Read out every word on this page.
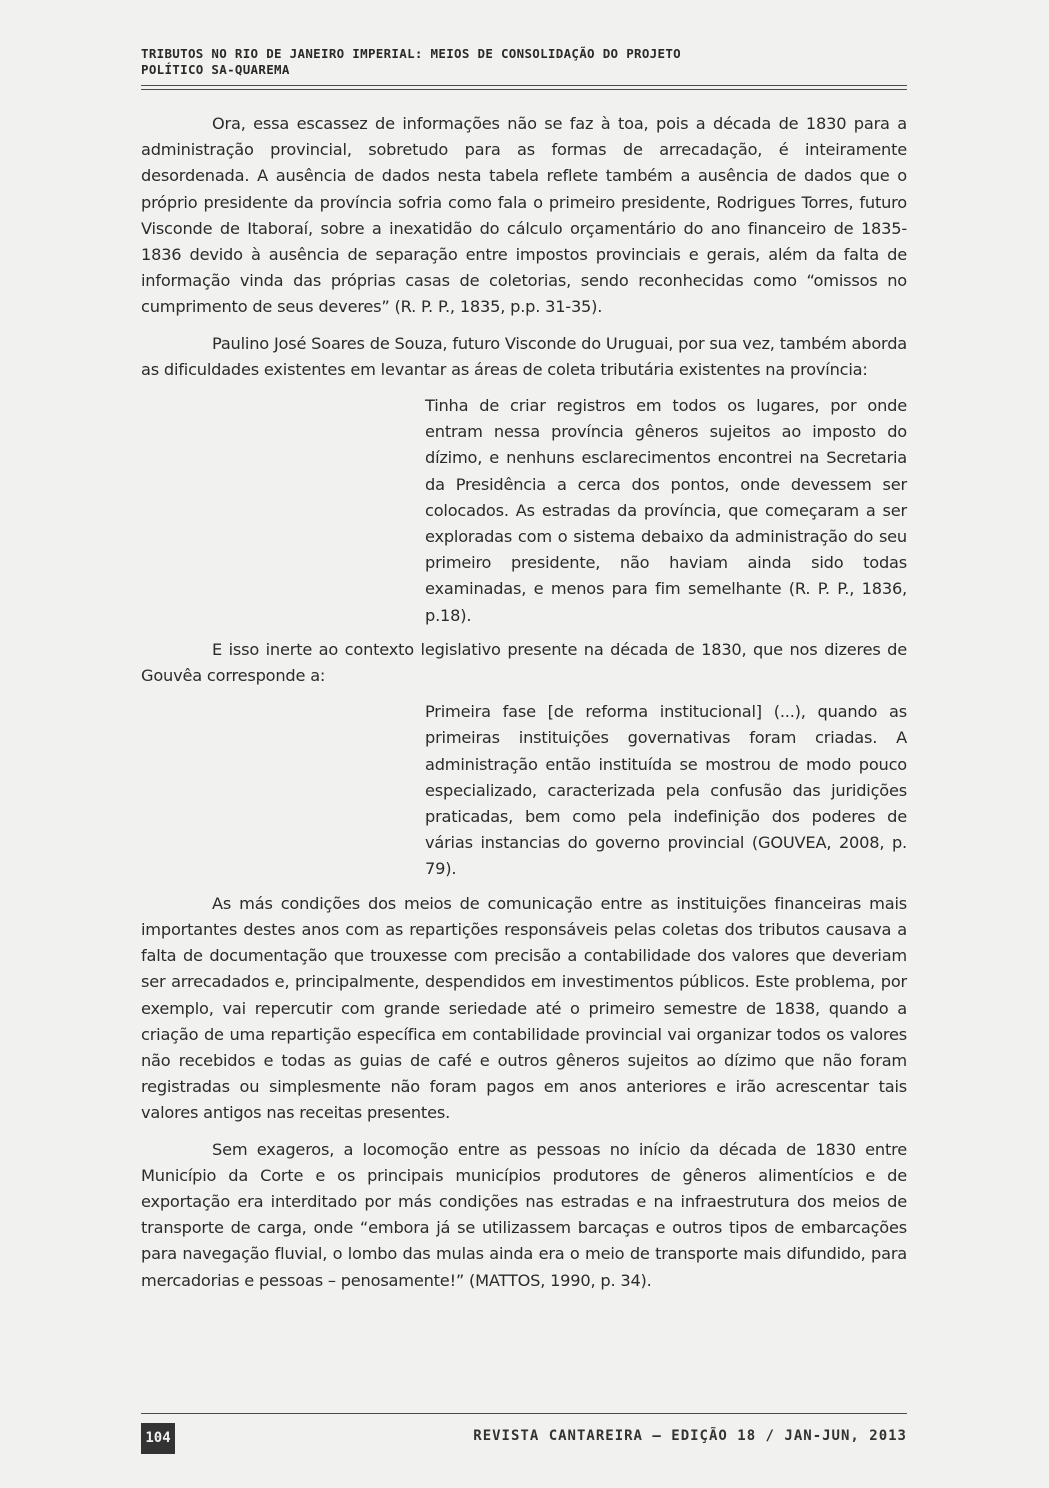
TRIBUTOS NO RIO DE JANEIRO IMPERIAL: MEIOS DE CONSOLIDAÇÃO DO PROJETO POLÍTICO SA-QUAREMA

Ora, essa escassez de informações não se faz à toa, pois a década de 1830 para a administração provincial, sobretudo para as formas de arrecadação, é inteiramente desordenada. A ausência de dados nesta tabela reflete também a ausência de dados que o próprio presidente da província sofria como fala o primeiro presidente, Rodrigues Torres, futuro Visconde de Itaboraí, sobre a inexatidão do cálculo orçamentário do ano financeiro de 1835-1836 devido à ausência de separação entre impostos provinciais e gerais, além da falta de informação vinda das próprias casas de coletorias, sendo reconhecidas como “omissos no cumprimento de seus deveres” (R. P. P., 1835, p.p. 31-35).

Paulino José Soares de Souza, futuro Visconde do Uruguai, por sua vez, também aborda as dificuldades existentes em levantar as áreas de coleta tributária existentes na província:

Tinha de criar registros em todos os lugares, por onde entram nessa província gêneros sujeitos ao imposto do dízimo, e nenhuns esclarecimentos encontrei na Secretaria da Presidência a cerca dos pontos, onde devessem ser colocados. As estradas da província, que começaram a ser exploradas com o sistema debaixo da administração do seu primeiro presidente, não haviam ainda sido todas examinadas, e menos para fim semelhante (R. P. P., 1836, p.18).

E isso inerte ao contexto legislativo presente na década de 1830, que nos dizeres de Gouvêa corresponde a:

Primeira fase [de reforma institucional] (...), quando as primeiras instituições governativas foram criadas. A administração então instituída se mostrou de modo pouco especializado, caracterizada pela confusão das juridições praticadas, bem como pela indefinição dos poderes de várias instancias do governo provincial (GOUVEA, 2008, p. 79).

As más condições dos meios de comunicação entre as instituições financeiras mais importantes destes anos com as repartições responsáveis pelas coletas dos tributos causava a falta de documentação que trouxesse com precisão a contabilidade dos valores que deveriam ser arrecadados e, principalmente, despendidos em investimentos públicos. Este problema, por exemplo, vai repercutir com grande seriedade até o primeiro semestre de 1838, quando a criação de uma repartição específica em contabilidade provincial vai organizar todos os valores não recebidos e todas as guias de café e outros gêneros sujeitos ao dízimo que não foram registradas ou simplesmente não foram pagos em anos anteriores e irão acrescentar tais valores antigos nas receitas presentes.

Sem exageros, a locomoção entre as pessoas no início da década de 1830 entre Município da Corte e os principais municípios produtores de gêneros alimentícios e de exportação era interditado por más condições nas estradas e na infraestrutura dos meios de transporte de carga, onde “embora já se utilizassem barcaças e outros tipos de embarcações para navegação fluvial, o lombo das mulas ainda era o meio de transporte mais difundido, para mercadorias e pessoas – penosamente!” (MATTOS, 1990, p. 34).

104	REVISTA CANTAREIRA – EDIÇÃO 18 / JAN-JUN, 2013
